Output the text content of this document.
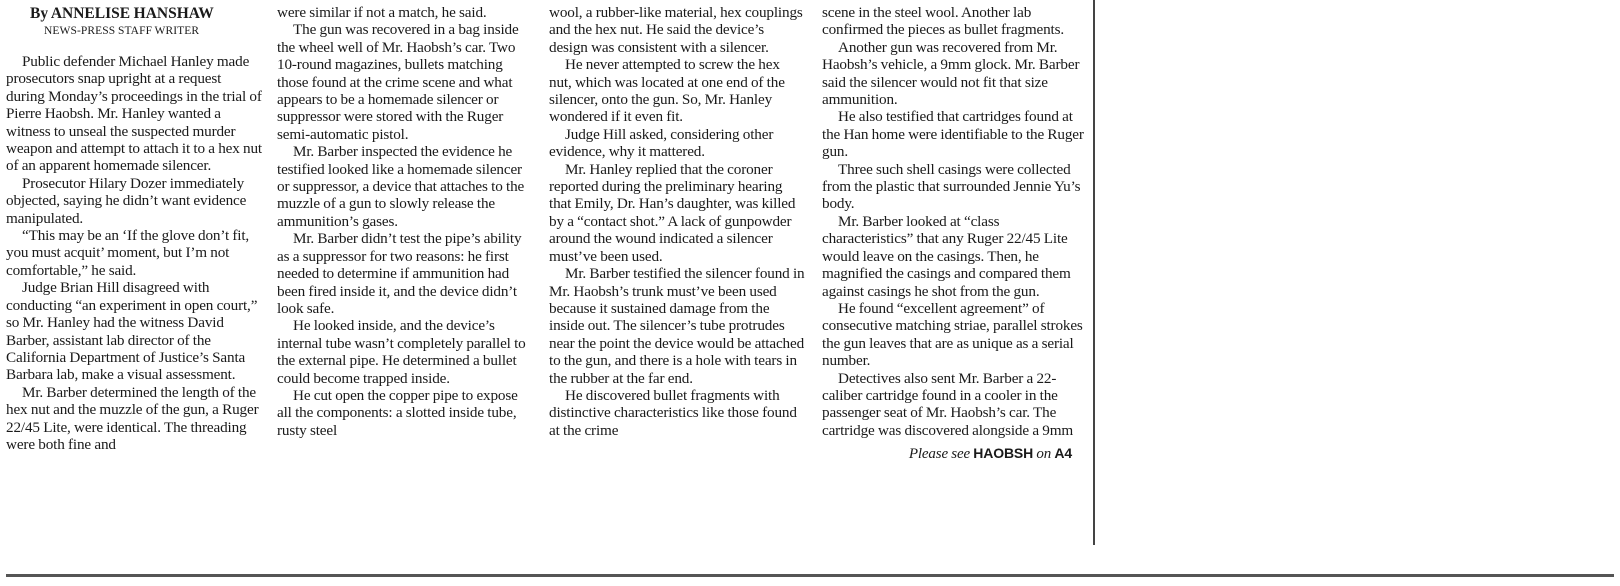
By ANNELISE HANSHAW
NEWS-PRESS STAFF WRITER

Public defender Michael Hanley made prosecutors snap upright at a request during Monday’s proceedings in the trial of Pierre Haobsh. Mr. Hanley wanted a witness to unseal the suspected murder weapon and attempt to attach it to a hex nut of an apparent homemade silencer.

Prosecutor Hilary Dozer immediately objected, saying he didn’t want evidence manipulated.

“This may be an ‘If the glove don’t fit, you must acquit’ moment, but I’m not comfortable,” he said.

Judge Brian Hill disagreed with conducting “an experiment in open court,” so Mr. Hanley had the witness David Barber, assistant lab director of the California Department of Justice’s Santa Barbara lab, make a visual assessment.

Mr. Barber determined the length of the hex nut and the muzzle of the gun, a Ruger 22/45 Lite, were identical. The threading were both fine and

were similar if not a match, he said.

The gun was recovered in a bag inside the wheel well of Mr. Haobsh’s car. Two 10-round magazines, bullets matching those found at the crime scene and what appears to be a homemade silencer or suppressor were stored with the Ruger semi-automatic pistol.

Mr. Barber inspected the evidence he testified looked like a homemade silencer or suppressor, a device that attaches to the muzzle of a gun to slowly release the ammunition’s gases.

Mr. Barber didn’t test the pipe’s ability as a suppressor for two reasons: he first needed to determine if ammunition had been fired inside it, and the device didn’t look safe.

He looked inside, and the device’s internal tube wasn’t completely parallel to the external pipe. He determined a bullet could become trapped inside.

He cut open the copper pipe to expose all the components: a slotted inside tube, rusty steel

wool, a rubber-like material, hex couplings and the hex nut. He said the device’s design was consistent with a silencer.

He never attempted to screw the hex nut, which was located at one end of the silencer, onto the gun. So, Mr. Hanley wondered if it even fit.

Judge Hill asked, considering other evidence, why it mattered.

Mr. Hanley replied that the coroner reported during the preliminary hearing that Emily, Dr. Han’s daughter, was killed by a “contact shot.” A lack of gunpowder around the wound indicated a silencer must’ve been used.

Mr. Barber testified the silencer found in Mr. Haobsh’s trunk must’ve been used because it sustained damage from the inside out. The silencer’s tube protrudes near the point the device would be attached to the gun, and there is a hole with tears in the rubber at the far end.

He discovered bullet fragments with distinctive characteristics like those found at the crime

scene in the steel wool. Another lab confirmed the pieces as bullet fragments.

Another gun was recovered from Mr. Haobsh’s vehicle, a 9mm glock. Mr. Barber said the silencer would not fit that size ammunition.

He also testified that cartridges found at the Han home were identifiable to the Ruger gun.

Three such shell casings were collected from the plastic that surrounded Jennie Yu’s body.

Mr. Barber looked at “class characteristics” that any Ruger 22/45 Lite would leave on the casings. Then, he magnified the casings and compared them against casings he shot from the gun.

He found “excellent agreement” of consecutive matching striae, parallel strokes the gun leaves that are as unique as a serial number.

Detectives also sent Mr. Barber a 22-caliber cartridge found in a cooler in the passenger seat of Mr. Haobsh’s car. The cartridge was discovered alongside a 9mm

Please see HAOBSH on A4
